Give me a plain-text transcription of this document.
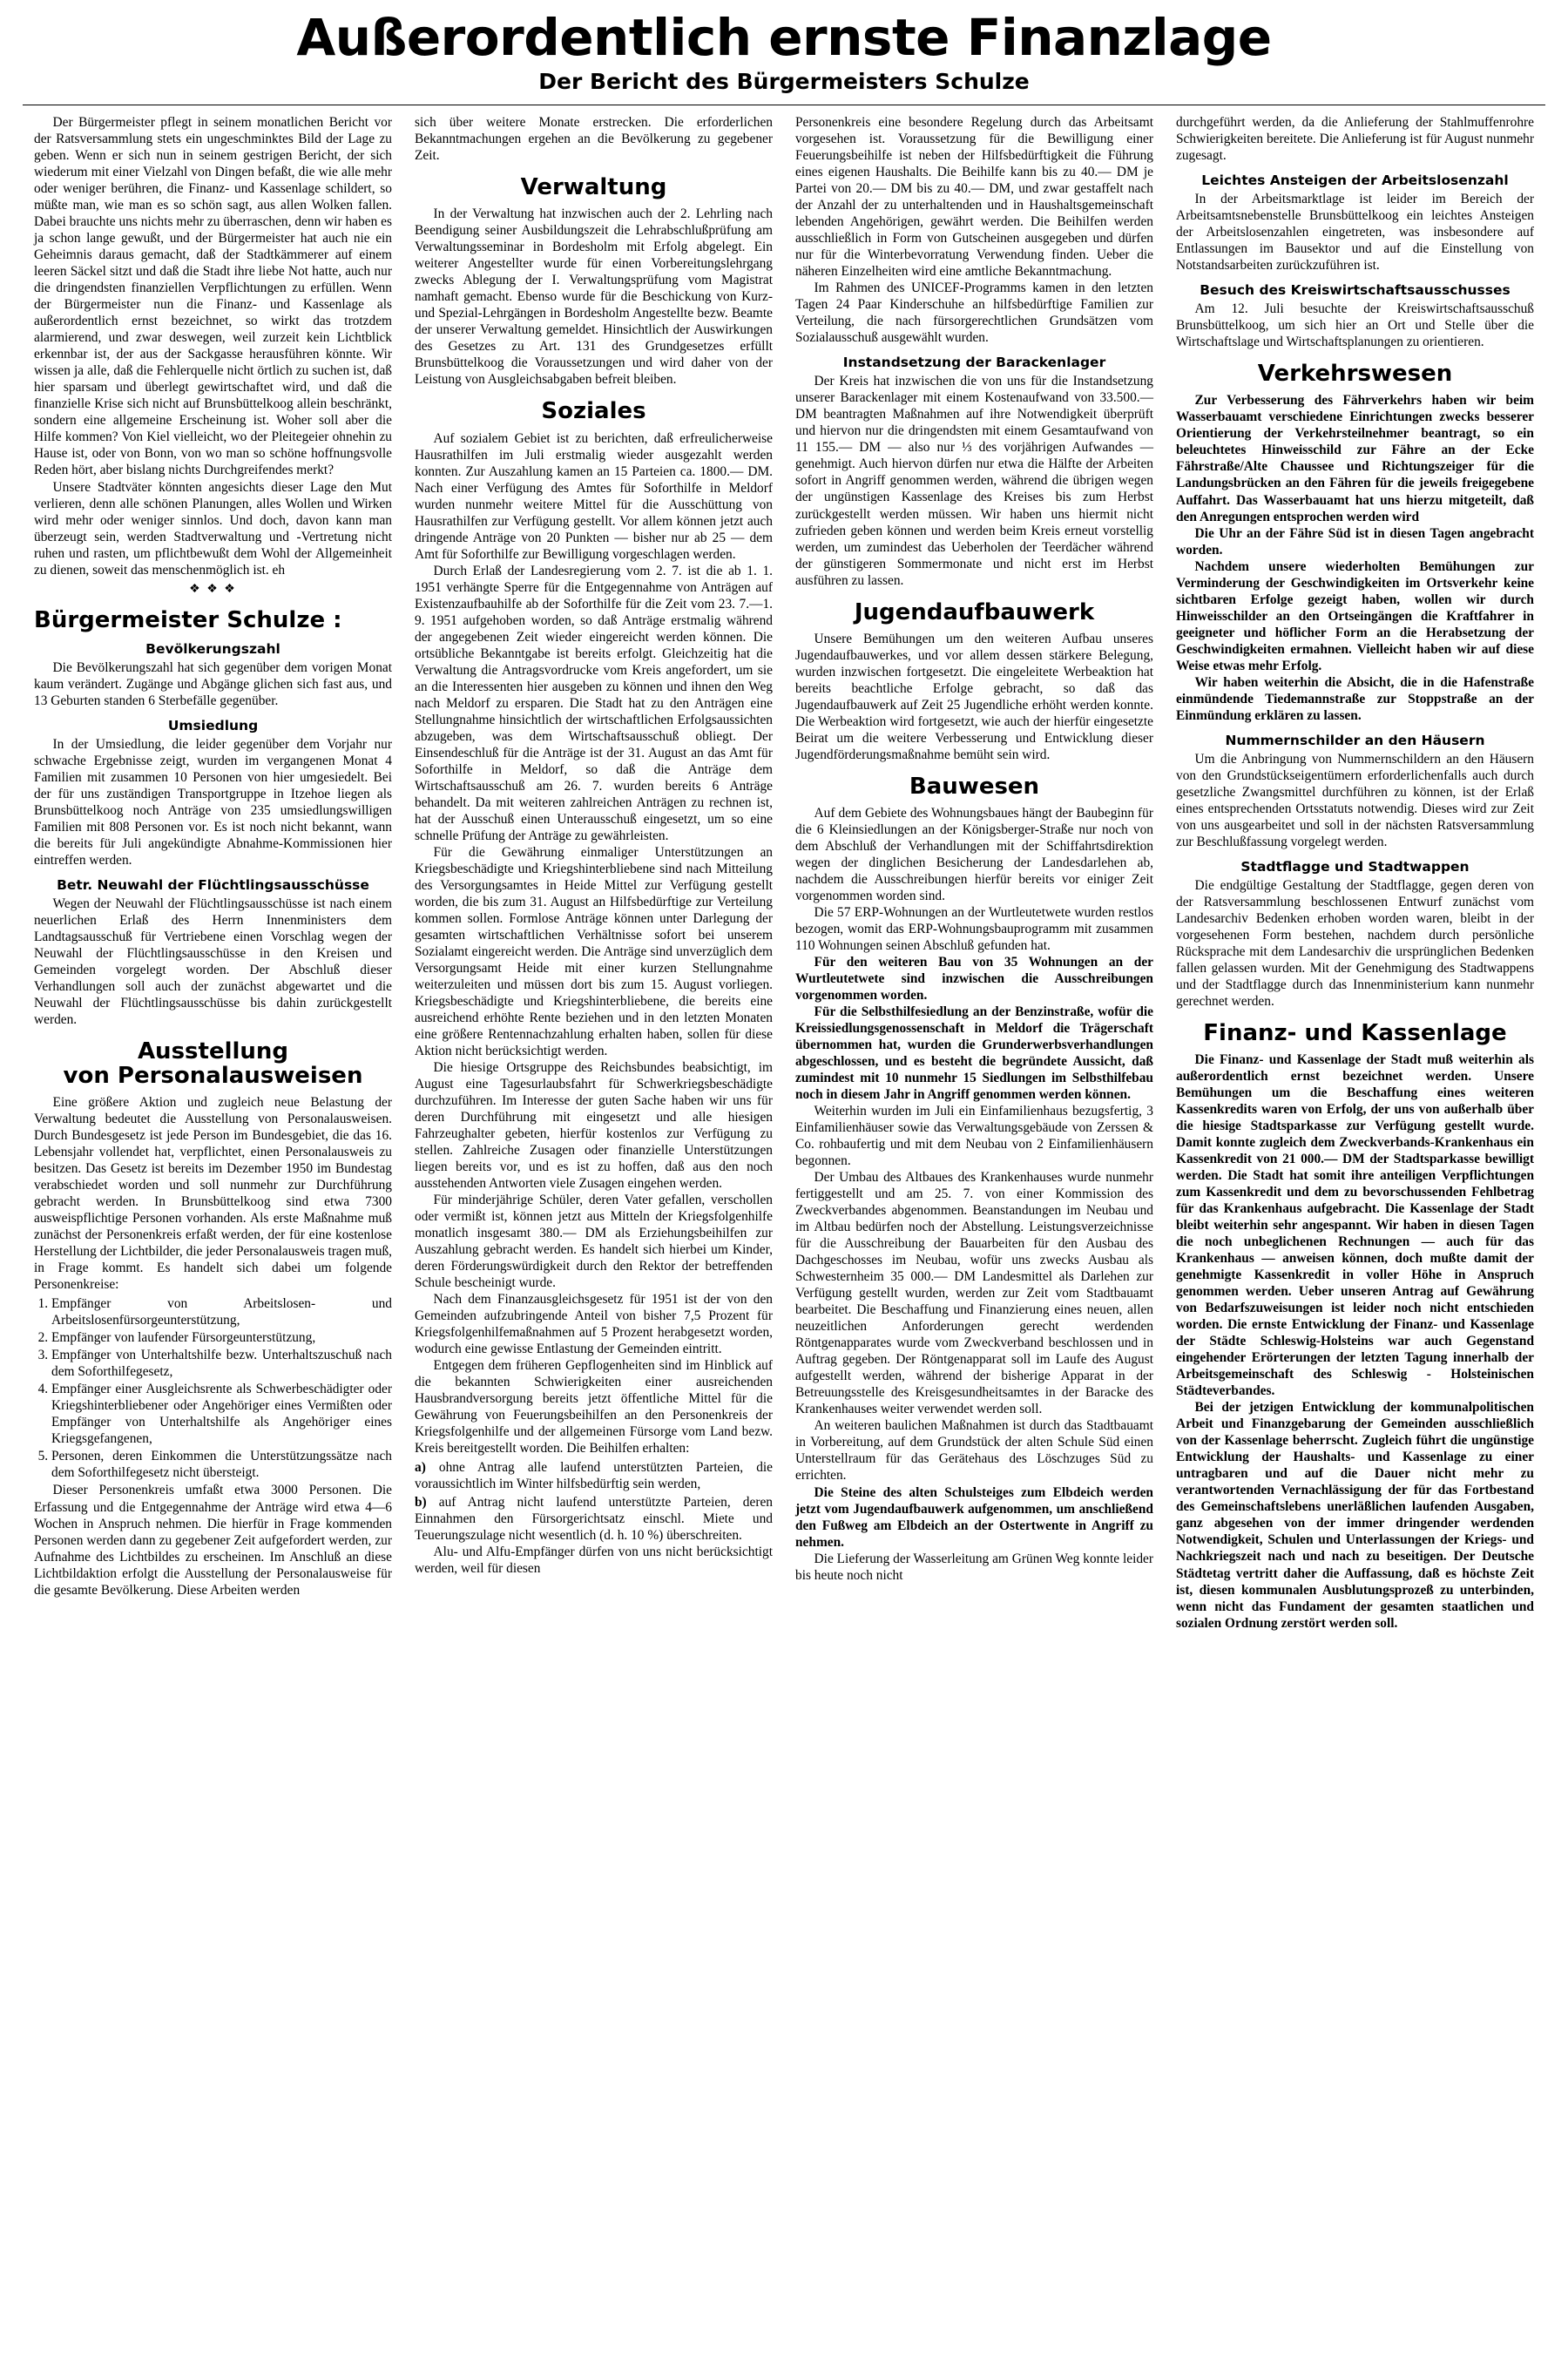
Außerordentlich ernste Finanzlage
Der Bericht des Bürgermeisters Schulze

Der Bürgermeister pflegt in seinem monatlichen Bericht vor der Ratsversammlung stets ein ungeschminktes Bild der Lage zu geben. Wenn er sich nun in seinem gestrigen Bericht, der sich wiederum mit einer Vielzahl von Dingen befaßt, die wie alle mehr oder weniger berühren, die Finanz- und Kassenlage schildert, so müßte man, wie man es so schön sagt, aus allen Wolken fallen. Dabei brauchte uns nichts mehr zu überraschen, denn wir haben es ja schon lange gewußt, und der Bürgermeister hat auch nie ein Geheimnis daraus gemacht, daß der Stadtkämmerer auf einem leeren Säckel sitzt und daß die Stadt ihre liebe Not hatte, auch nur die dringendsten finanziellen Verpflichtungen zu erfüllen. Wenn der Bürgermeister nun die Finanz- und Kassenlage als außerordentlich ernst bezeichnet, so wirkt das trotzdem alarmierend, und zwar deswegen, weil zurzeit kein Lichtblick erkennbar ist, der aus der Sackgasse herausführen könnte. Wir wissen ja alle, daß die Fehlerquelle nicht örtlich zu suchen ist, daß hier sparsam und überlegt gewirtschaftet wird, und daß die finanzielle Krise sich nicht auf Brunsbüttelkoog allein beschränkt, sondern eine allgemeine Erscheinung ist. Woher soll aber die Hilfe kommen? Von Kiel vielleicht, wo der Pleitegeier ohnehin zu Hause ist, oder von Bonn, von wo man so schöne hoffnungsvolle Reden hört, aber bislang nichts Durchgreifendes merkt?

Unsere Stadtväter könnten angesichts dieser Lage den Mut verlieren, denn alle schönen Planungen, alles Wollen und Wirken wird mehr oder weniger sinnlos. Und doch, davon kann man überzeugt sein, werden Stadtverwaltung und -Vertretung nicht ruhen und rasten, um pflichtbewußt dem Wohl der Allgemeinheit zu dienen, soweit das menschenmöglich ist. eh

❖ ❖ ❖
Bürgermeister Schulze :
Bevölkerungszahl

Die Bevölkerungszahl hat sich gegenüber dem vorigen Monat kaum verändert. Zugänge und Abgänge glichen sich fast aus, und 13 Geburten standen 6 Sterbefälle gegenüber.

Umsiedlung

In der Umsiedlung, die leider gegenüber dem Vorjahr nur schwache Ergebnisse zeigt, wurden im vergangenen Monat 4 Familien mit zusammen 10 Personen von hier umgesiedelt. Bei der für uns zuständigen Transportgruppe in Itzehoe liegen als Brunsbüttelkoog noch Anträge von 235 umsiedlungswilligen Familien mit 808 Personen vor. Es ist noch nicht bekannt, wann die bereits für Juli angekündigte Abnahme-Kommissionen hier eintreffen werden.

Betr. Neuwahl der Flüchtlingsausschüsse

Wegen der Neuwahl der Flüchtlingsausschüsse ist nach einem neuerlichen Erlaß des Herrn Innenministers dem Landtagsausschuß für Vertriebene einen Vorschlag wegen der Neuwahl der Flüchtlingsausschüsse in den Kreisen und Gemeinden vorgelegt worden. Der Abschluß dieser Verhandlungen soll auch der zunächst abgewartet und die Neuwahl der Flüchtlingsausschüsse bis dahin zurückgestellt werden.

Ausstellung
von Personalausweisen

Eine größere Aktion und zugleich neue Belastung der Verwaltung bedeutet die Ausstellung von Personalausweisen. Durch Bundesgesetz ist jede Person im Bundesgebiet, die das 16. Lebensjahr vollendet hat, verpflichtet, einen Personalausweis zu besitzen. Das Gesetz ist bereits im Dezember 1950 im Bundestag verabschiedet worden und soll nunmehr zur Durchführung gebracht werden. In Brunsbüttelkoog sind etwa 7300 ausweispflichtige Personen vorhanden. Als erste Maßnahme muß zunächst der Personenkreis erfaßt werden, der für eine kostenlose Herstellung der Lichtbilder, die jeder Personalausweis tragen muß, in Frage kommt. Es handelt sich dabei um folgende Personenkreise:

1. Empfänger von Arbeitslosen- und Arbeitslosenfürsorgeunterstützung,
2. Empfänger von laufender Fürsorgeunterstützung,
3. Empfänger von Unterhaltshilfe bezw. Unterhaltszuschuß nach dem Soforthilfegesetz,
4. Empfänger einer Ausgleichsrente als Schwerbeschädigter oder Kriegshinterbliebener oder Angehöriger eines Vermißten oder Empfänger von Unterhaltshilfe als Angehöriger eines Kriegsgefangenen,
5. Personen, deren Einkommen die Unterstützungssätze nach dem Soforthilfegesetz nicht übersteigt.

Dieser Personenkreis umfaßt etwa 3000 Personen. Die Erfassung und die Entgegennahme der Anträge wird etwa 4—6 Wochen in Anspruch nehmen. Die hierfür in Frage kommenden Personen werden dann zu gegebener Zeit aufgefordert werden, zur Aufnahme des Lichtbildes zu erscheinen. Im Anschluß an diese Lichtbildaktion erfolgt die Ausstellung der Personalausweise für die gesamte Bevölkerung. Diese Arbeiten werden

sich über weitere Monate erstrecken. Die erforderlichen Bekanntmachungen ergehen an die Bevölkerung zu gegebener Zeit.

Verwaltung

In der Verwaltung hat inzwischen auch der 2. Lehrling nach Beendigung seiner Ausbildungszeit die Lehrabschlußprüfung am Verwaltungsseminar in Bordesholm mit Erfolg abgelegt. Ein weiterer Angestellter wurde für einen Vorbereitungslehrgang zwecks Ablegung der I. Verwaltungsprüfung vom Magistrat namhaft gemacht. Ebenso wurde für die Beschickung von Kurz- und Spezial-Lehrgängen in Bordesholm Angestellte bezw. Beamte der unserer Verwaltung gemeldet. Hinsichtlich der Auswirkungen des Gesetzes zu Art. 131 des Grundgesetzes erfüllt Brunsbüttelkoog die Voraussetzungen und wird daher von der Leistung von Ausgleichsabgaben befreit bleiben.

Soziales

Auf sozialem Gebiet ist zu berichten, daß erfreulicherweise Hausrathilfen im Juli erstmalig wieder ausgezahlt werden konnten. Zur Auszahlung kamen an 15 Parteien ca. 1800.— DM. Nach einer Verfügung des Amtes für Soforthilfe in Meldorf wurden nunmehr weitere Mittel für die Ausschüttung von Hausrathilfen zur Verfügung gestellt. Vor allem können jetzt auch dringende Anträge von 20 Punkten — bisher nur ab 25 — dem Amt für Soforthilfe zur Bewilligung vorgeschlagen werden.

Durch Erlaß der Landesregierung vom 2. 7. ist die ab 1. 1. 1951 verhängte Sperre für die Entgegennahme von Anträgen auf Existenzaufbauhilfe ab der Soforthilfe für die Zeit vom 23. 7.—1. 9. 1951 aufgehoben worden, so daß Anträge erstmalig während der angegebenen Zeit wieder eingereicht werden können. Die ortsübliche Bekanntgabe ist bereits erfolgt. Gleichzeitig hat die Verwaltung die Antragsvordrucke vom Kreis angefordert, um sie an die Interessenten hier ausgeben zu können und ihnen den Weg nach Meldorf zu ersparen. Die Stadt hat zu den Anträgen eine Stellungnahme hinsichtlich der wirtschaftlichen Erfolgsaussichten abzugeben, was dem Wirtschaftsausschuß obliegt. Der Einsendeschluß für die Anträge ist der 31. August an das Amt für Soforthilfe in Meldorf, so daß die Anträge dem Wirtschaftsausschuß am 26. 7. wurden bereits 6 Anträge behandelt. Da mit weiteren zahlreichen Anträgen zu rechnen ist, hat der Ausschuß einen Unterausschuß eingesetzt, um so eine schnelle Prüfung der Anträge zu gewährleisten.

Für die Gewährung einmaliger Unterstützungen an Kriegsbeschädigte und Kriegshinterbliebene sind nach Mitteilung des Versorgungsamtes in Heide Mittel zur Verfügung gestellt worden, die bis zum 31. August an Hilfsbedürftige zur Verteilung kommen sollen. Formlose Anträge können unter Darlegung der gesamten wirtschaftlichen Verhältnisse sofort bei unserem Sozialamt eingereicht werden. Die Anträge sind unverzüglich dem Versorgungsamt Heide mit einer kurzen Stellungnahme weiterzuleiten und müssen dort bis zum 15. August vorliegen. Kriegsbeschädigte und Kriegshinterbliebene, die bereits eine ausreichend erhöhte Rente beziehen und in den letzten Monaten eine größere Rentennachzahlung erhalten haben, sollen für diese Aktion nicht berücksichtigt werden.

Die hiesige Ortsgruppe des Reichsbundes beabsichtigt, im August eine Tagesurlaubsfahrt für Schwerkriegsbeschädigte durchzuführen. Im Interesse der guten Sache haben wir uns für deren Durchführung mit eingesetzt und alle hiesigen Fahrzeughalter gebeten, hierfür kostenlos zur Verfügung zu stellen. Zahlreiche Zusagen oder finanzielle Unterstützungen liegen bereits vor, und es ist zu hoffen, daß aus den noch ausstehenden Antworten viele Zusagen eingehen werden.

Für minderjährige Schüler, deren Vater gefallen, verschollen oder vermißt ist, können jetzt aus Mitteln der Kriegsfolgenhilfe monatlich insgesamt 380.— DM als Erziehungsbeihilfen zur Auszahlung gebracht werden. Es handelt sich hierbei um Kinder, deren Förderungswürdigkeit durch den Rektor der betreffenden Schule bescheinigt wurde.

Nach dem Finanzausgleichsgesetz für 1951 ist der von den Gemeinden aufzubringende Anteil von bisher 7,5 Prozent für Kriegsfolgenhilfemaßnahmen auf 5 Prozent herabgesetzt worden, wodurch eine gewisse Entlastung der Gemeinden eintritt.

Entgegen dem früheren Gepflogenheiten sind im Hinblick auf die bekannten Schwierigkeiten einer ausreichenden Hausbrandversorgung bereits jetzt öffentliche Mittel für die Gewährung von Feuerungsbeihilfen an den Personenkreis der Kriegsfolgenhilfe und der allgemeinen Fürsorge vom Land bezw. Kreis bereitgestellt worden. Die Beihilfen erhalten:

a) ohne Antrag alle laufend unterstützten Parteien, die voraussichtlich im Winter hilfsbedürftig sein werden,
b) auf Antrag nicht laufend unterstützte Parteien, deren Einnahmen den Fürsorgerichtsatz einschl. Miete und Teuerungszulage nicht wesentlich (d. h. 10 %) überschreiten.

Alu- und Alfu-Empfänger dürfen von uns nicht berücksichtigt werden, weil für diesen

Personenkreis eine besondere Regelung durch das Arbeitsamt vorgesehen ist. Voraussetzung für die Bewilligung einer Feuerungsbeihilfe ist neben der Hilfsbedürftigkeit die Führung eines eigenen Haushalts. Die Beihilfe kann bis zu 40.— DM je Partei von 20.— DM bis zu 40.— DM, und zwar gestaffelt nach der Anzahl der zu unterhaltenden und in Haushaltsgemeinschaft lebenden Angehörigen, gewährt werden. Die Beihilfen werden ausschließlich in Form von Gutscheinen ausgegeben und dürfen nur für die Winterbevorratung Verwendung finden. Ueber die näheren Einzelheiten wird eine amtliche Bekanntmachung.

Im Rahmen des UNICEF-Programms kamen in den letzten Tagen 24 Paar Kinderschuhe an hilfsbedürftige Familien zur Verteilung, die nach fürsorgerechtlichen Grundsätzen vom Sozialausschuß ausgewählt wurden.

Instandsetzung der Barackenlager

Der Kreis hat inzwischen die von uns für die Instandsetzung unserer Barackenlager mit einem Kostenaufwand von 33.500.— DM beantragten Maßnahmen auf ihre Notwendigkeit überprüft und hiervon nur die dringendsten mit einem Gesamtaufwand von 11 155.— DM — also nur ⅓ des vorjährigen Aufwandes — genehmigt. Auch hiervon dürfen nur etwa die Hälfte der Arbeiten sofort in Angriff genommen werden, während die übrigen wegen der ungünstigen Kassenlage des Kreises bis zum Herbst zurückgestellt werden müssen. Wir haben uns hiermit nicht zufrieden geben können und werden beim Kreis erneut vorstellig werden, um zumindest das Ueberholen der Teerdächer während der günstigeren Sommermonate und nicht erst im Herbst ausführen zu lassen.

Jugendaufbauwerk

Unsere Bemühungen um den weiteren Aufbau unseres Jugendaufbauwerkes, und vor allem dessen stärkere Belegung, wurden inzwischen fortgesetzt. Die eingeleitete Werbeaktion hat bereits beachtliche Erfolge gebracht, so daß das Jugendaufbauwerk auf Zeit 25 Jugendliche erhöht werden konnte. Die Werbeaktion wird fortgesetzt, wie auch der hierfür eingesetzte Beirat um die weitere Verbesserung und Entwicklung dieser Jugendförderungsmaßnahme bemüht sein wird.

Bauwesen

Auf dem Gebiete des Wohnungsbaues hängt der Baubeginn für die 6 Kleinsiedlungen an der Königsberger-Straße nur noch von dem Abschluß der Verhandlungen mit der Schiffahrtsdirektion wegen der dinglichen Besicherung der Landesdarlehen ab, nachdem die Ausschreibungen hierfür bereits vor einiger Zeit vorgenommen worden sind.

Die 57 ERP-Wohnungen an der Wurtleutetwete wurden restlos bezogen, womit das ERP-Wohnungsbauprogramm mit zusammen 110 Wohnungen seinen Abschluß gefunden hat.

Für den weiteren Bau von 35 Wohnungen an der Wurtleutetwete sind inzwischen die Ausschreibungen vorgenommen worden.

Für die Selbsthilfesiedlung an der Benzinstraße, wofür die Kreissiedlungsgenossenschaft in Meldorf die Trägerschaft übernommen hat, wurden die Grunderwerbsverhandlungen abgeschlossen, und es besteht die begründete Aussicht, daß zumindest mit 10 nunmehr 15 Siedlungen im Selbsthilfebau noch in diesem Jahr in Angriff genommen werden können.

Weiterhin wurden im Juli ein Einfamilienhaus bezugsfertig, 3 Einfamilienhäuser sowie das Verwaltungsgebäude von Zerssen & Co. rohbaufertig und mit dem Neubau von 2 Einfamilienhäusern begonnen.

Der Umbau des Altbaues des Krankenhauses wurde nunmehr fertiggestellt und am 25. 7. von einer Kommission des Zweckverbandes abgenommen. Beanstandungen im Neubau und im Altbau bedürfen noch der Abstellung. Leistungsverzeichnisse für die Ausschreibung der Bauarbeiten für den Ausbau des Dachgeschosses im Neubau, wofür uns zwecks Ausbau als Schwesternheim 35 000.— DM Landesmittel als Darlehen zur Verfügung gestellt wurden, werden zur Zeit vom Stadtbauamt bearbeitet. Die Beschaffung und Finanzierung eines neuen, allen neuzeitlichen Anforderungen gerecht werdenden Röntgenapparates wurde vom Zweckverband beschlossen und in Auftrag gegeben. Der Röntgenapparat soll im Laufe des August aufgestellt werden, während der bisherige Apparat in der Betreuungsstelle des Kreisgesundheitsamtes in der Baracke des Krankenhauses weiter verwendet werden soll.

An weiteren baulichen Maßnahmen ist durch das Stadtbauamt in Vorbereitung, auf dem Grundstück der alten Schule Süd einen Unterstellraum für das Gerätehaus des Löschzuges Süd zu errichten.

Die Steine des alten Schulsteiges zum Elbdeich werden jetzt vom Jugendaufbauwerk aufgenommen, um anschließend den Fußweg am Elbdeich an der Ostertwente in Angriff zu nehmen.

Die Lieferung der Wasserleitung am Grünen Weg konnte leider bis heute noch nicht

durchgeführt werden, da die Anlieferung der Stahlmuffenrohre Schwierigkeiten bereitete. Die Anlieferung ist für August nunmehr zugesagt.

Leichtes Ansteigen der Arbeitslosenzahl

In der Arbeitsmarktlage ist leider im Bereich der Arbeitsamtsnebenstelle Brunsbüttelkoog ein leichtes Ansteigen der Arbeitslosenzahlen eingetreten, was insbesondere auf Entlassungen im Bausektor und auf die Einstellung von Notstandsarbeiten zurückzuführen ist.

Besuch des Kreiswirtschaftsausschusses

Am 12. Juli besuchte der Kreiswirtschaftsausschuß Brunsbüttelkoog, um sich hier an Ort und Stelle über die Wirtschaftslage und Wirtschaftsplanungen zu orientieren.

Verkehrswesen

Zur Verbesserung des Fährverkehrs haben wir beim Wasserbauamt verschiedene Einrichtungen zwecks besserer Orientierung der Verkehrsteilnehmer beantragt, so ein beleuchtetes Hinweisschild zur Fähre an der Ecke Fährstraße/Alte Chaussee und Richtungszeiger für die Landungsbrücken an den Fähren für die jeweils freigegebene Auffahrt. Das Wasserbauamt hat uns hierzu mitgeteilt, daß den Anregungen entsprochen werden wird

Die Uhr an der Fähre Süd ist in diesen Tagen angebracht worden.

Nachdem unsere wiederholten Bemühungen zur Verminderung der Geschwindigkeiten im Ortsverkehr keine sichtbaren Erfolge gezeigt haben, wollen wir durch Hinweisschilder an den Ortseingängen die Kraftfahrer in geeigneter und höflicher Form an die Herabsetzung der Geschwindigkeiten ermahnen. Vielleicht haben wir auf diese Weise etwas mehr Erfolg.

Wir haben weiterhin die Absicht, die in die Hafenstraße einmündende Tiedemannstraße zur Stoppstraße an der Einmündung erklären zu lassen.

Nummernschilder an den Häusern

Um die Anbringung von Nummernschildern an den Häusern von den Grundstückseigentümern erforderlichenfalls auch durch gesetzliche Zwangsmittel durchführen zu können, ist der Erlaß eines entsprechenden Ortsstatuts notwendig. Dieses wird zur Zeit von uns ausgearbeitet und soll in der nächsten Ratsversammlung zur Beschlußfassung vorgelegt werden.

Stadtflagge und Stadtwappen

Die endgültige Gestaltung der Stadtflagge, gegen deren von der Ratsversammlung beschlossenen Entwurf zunächst vom Landesarchiv Bedenken erhoben worden waren, bleibt in der vorgesehenen Form bestehen, nachdem durch persönliche Rücksprache mit dem Landesarchiv die ursprünglichen Bedenken fallen gelassen wurden. Mit der Genehmigung des Stadtwappens und der Stadtflagge durch das Innenministerium kann nunmehr gerechnet werden.

Finanz- und Kassenlage

Die Finanz- und Kassenlage der Stadt muß weiterhin als außerordentlich ernst bezeichnet werden. Unsere Bemühungen um die Beschaffung eines weiteren Kassenkredits waren von Erfolg, der uns von außerhalb über die hiesige Stadtsparkasse zur Verfügung gestellt wurde. Damit konnte zugleich dem Zweckverbands-Krankenhaus ein Kassenkredit von 21 000.— DM der Stadtsparkasse bewilligt werden. Die Stadt hat somit ihre anteiligen Verpflichtungen zum Kassenkredit und dem zu bevorschussenden Fehlbetrag für das Krankenhaus aufgebracht. Die Kassenlage der Stadt bleibt weiterhin sehr angespannt. Wir haben in diesen Tagen die noch unbeglichenen Rechnungen — auch für das Krankenhaus — anweisen können, doch mußte damit der genehmigte Kassenkredit in voller Höhe in Anspruch genommen werden. Ueber unseren Antrag auf Gewährung von Bedarfszuweisungen ist leider noch nicht entschieden worden. Die ernste Entwicklung der Finanz- und Kassenlage der Städte Schleswig-Holsteins war auch Gegenstand eingehender Erörterungen der letzten Tagung innerhalb der Arbeitsgemeinschaft des Schleswig - Holsteinischen Städteverbandes.

Bei der jetzigen Entwicklung der kommunalpolitischen Arbeit und Finanzgebarung der Gemeinden ausschließlich von der Kassenlage beherrscht. Zugleich führt die ungünstige Entwicklung der Haushalts- und Kassenlage zu einer untragbaren und auf die Dauer nicht mehr zu verantwortenden Vernachlässigung der für das Fortbestand des Gemeinschaftslebens unerläßlichen laufenden Ausgaben, ganz abgesehen von der immer dringender werdenden Notwendigkeit, Schulen und Unterlassungen der Kriegs- und Nachkriegszeit nach und nach zu beseitigen. Der Deutsche Städtetag vertritt daher die Auffassung, daß es höchste Zeit ist, diesen kommunalen Ausblutungsprozeß zu unterbinden, wenn nicht das Fundament der gesamten staatlichen und sozialen Ordnung zerstört werden soll.
